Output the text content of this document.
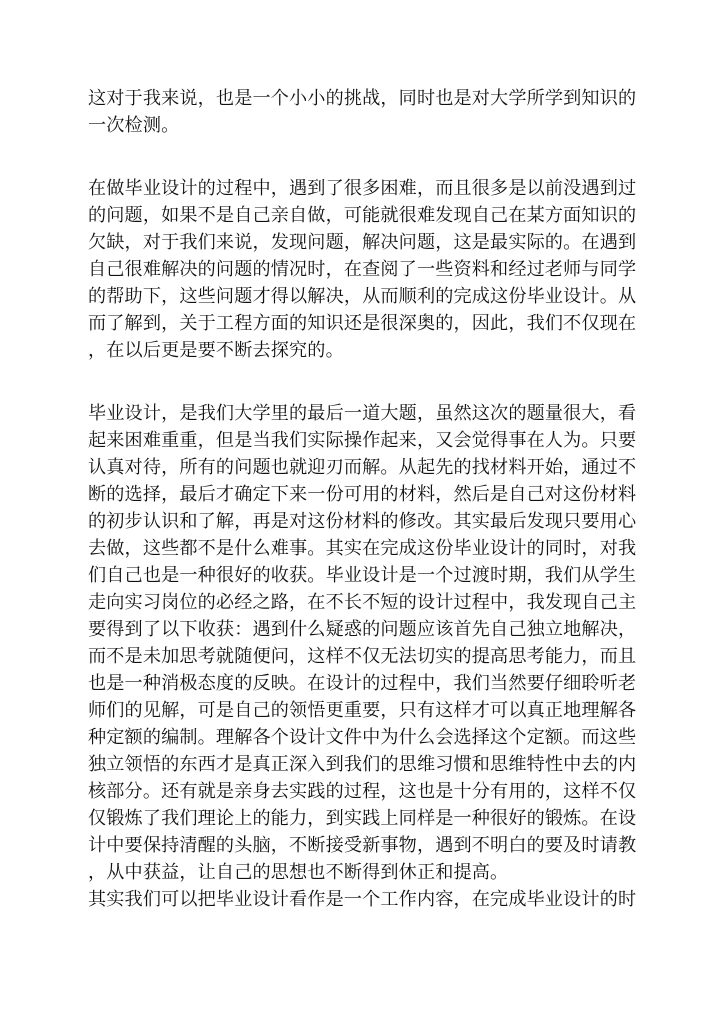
这对于我来说，也是一个小小的挑战，同时也是对大学所学到知识的
一次检测。
在做毕业设计的过程中，遇到了很多困难，而且很多是以前没遇到过
的问题，如果不是自己亲自做，可能就很难发现自己在某方面知识的
欠缺，对于我们来说，发现问题，解决问题，这是最实际的。在遇到
自己很难解决的问题的情况时，在查阅了一些资料和经过老师与同学
的帮助下，这些问题才得以解决，从而顺利的完成这份毕业设计。从
而了解到，关于工程方面的知识还是很深奥的，因此，我们不仅现在
，在以后更是要不断去探究的。
毕业设计，是我们大学里的最后一道大题，虽然这次的题量很大，看
起来困难重重，但是当我们实际操作起来，又会觉得事在人为。只要
认真对待，所有的问题也就迎刃而解。从起先的找材料开始，通过不
断的选择，最后才确定下来一份可用的材料，然后是自己对这份材料
的初步认识和了解，再是对这份材料的修改。其实最后发现只要用心
去做，这些都不是什么难事。其实在完成这份毕业设计的同时，对我
们自己也是一种很好的收获。毕业设计是一个过渡时期，我们从学生
走向实习岗位的必经之路，在不长不短的设计过程中，我发现自己主
要得到了以下收获：遇到什么疑惑的问题应该首先自己独立地解决，
而不是未加思考就随便问，这样不仅无法切实的提高思考能力，而且
也是一种消极态度的反映。在设计的过程中，我们当然要仔细聆听老
师们的见解，可是自己的领悟更重要，只有这样才可以真正地理解各
种定额的编制。理解各个设计文件中为什么会选择这个定额。而这些
独立领悟的东西才是真正深入到我们的思维习惯和思维特性中去的内
核部分。还有就是亲身去实践的过程，这也是十分有用的，这样不仅
仅锻炼了我们理论上的能力，到实践上同样是一种很好的锻炼。在设
计中要保持清醒的头脑，不断接受新事物，遇到不明白的要及时请教
，从中获益，让自己的思想也不断得到休正和提高。
其实我们可以把毕业设计看作是一个工作内容，在完成毕业设计的时
